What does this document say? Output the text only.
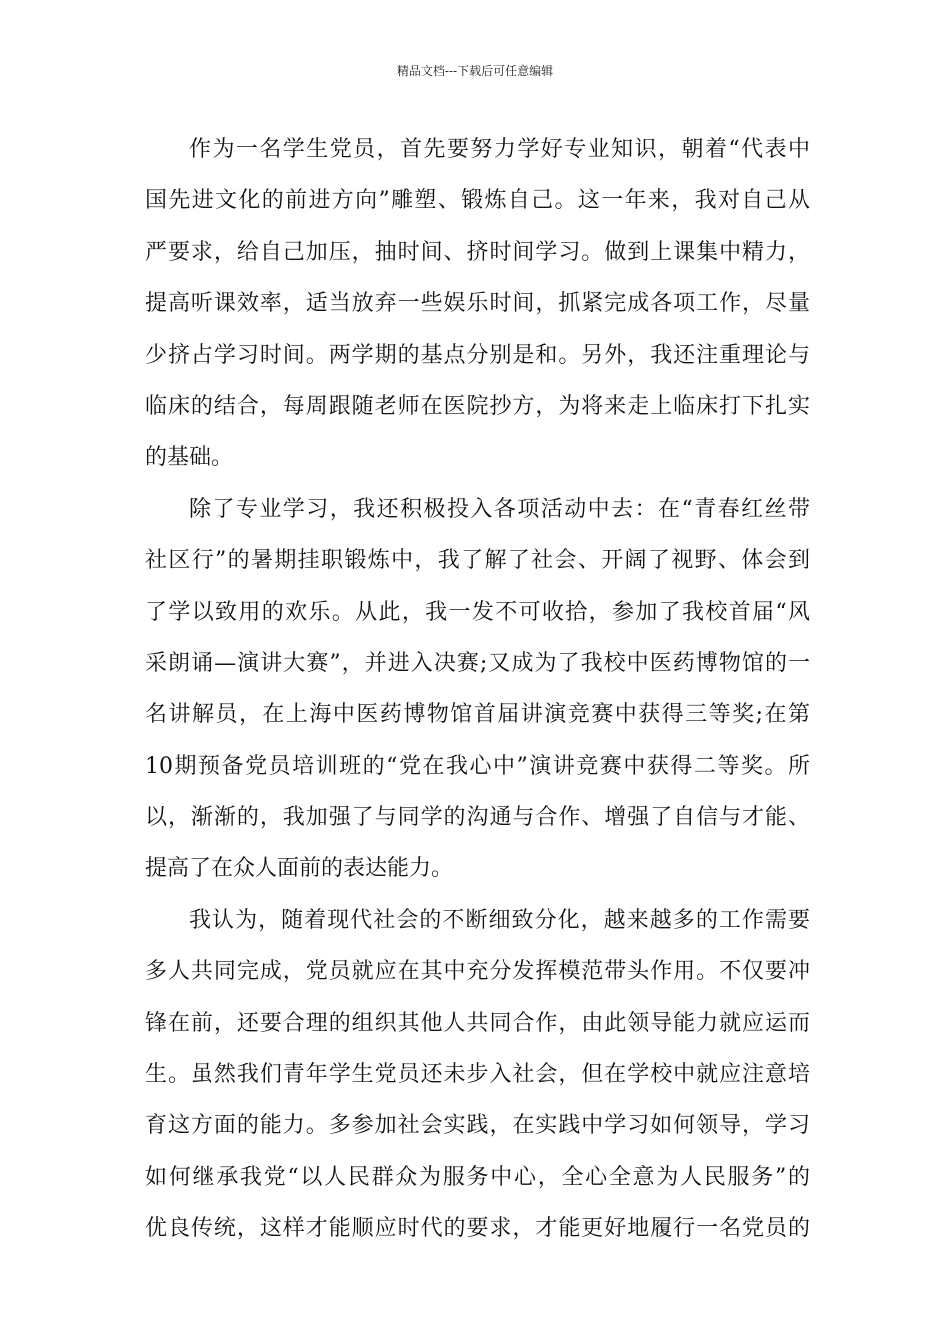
精品文档---下载后可任意编辑
作为一名学生党员，首先要努力学好专业知识，朝着“代表中
国先进文化的前进方向”雕塑、锻炼自己。这一年来，我对自己从
严要求，给自己加压，抽时间、挤时间学习。做到上课集中精力，
提高听课效率，适当放弃一些娱乐时间，抓紧完成各项工作，尽量
少挤占学习时间。两学期的基点分别是和。另外，我还注重理论与
临床的结合，每周跟随老师在医院抄方，为将来走上临床打下扎实
的基础。
除了专业学习，我还积极投入各项活动中去：在“青春红丝带
社区行”的暑期挂职锻炼中，我了解了社会、开阔了视野、体会到
了学以致用的欢乐。从此，我一发不可收拾，参加了我校首届“风
采朗诵—演讲大赛”，并进入决赛;又成为了我校中医药博物馆的一
名讲解员，在上海中医药博物馆首届讲演竞赛中获得三等奖;在第
10期预备党员培训班的“党在我心中”演讲竞赛中获得二等奖。所
以，渐渐的，我加强了与同学的沟通与合作、增强了自信与才能、
提高了在众人面前的表达能力。
我认为，随着现代社会的不断细致分化，越来越多的工作需要
多人共同完成，党员就应在其中充分发挥模范带头作用。不仅要冲
锋在前，还要合理的组织其他人共同合作，由此领导能力就应运而
生。虽然我们青年学生党员还未步入社会，但在学校中就应注意培
育这方面的能力。多参加社会实践，在实践中学习如何领导，学习
如何继承我党“以人民群众为服务中心，全心全意为人民服务”的
优良传统，这样才能顺应时代的要求，才能更好地履行一名党员的
